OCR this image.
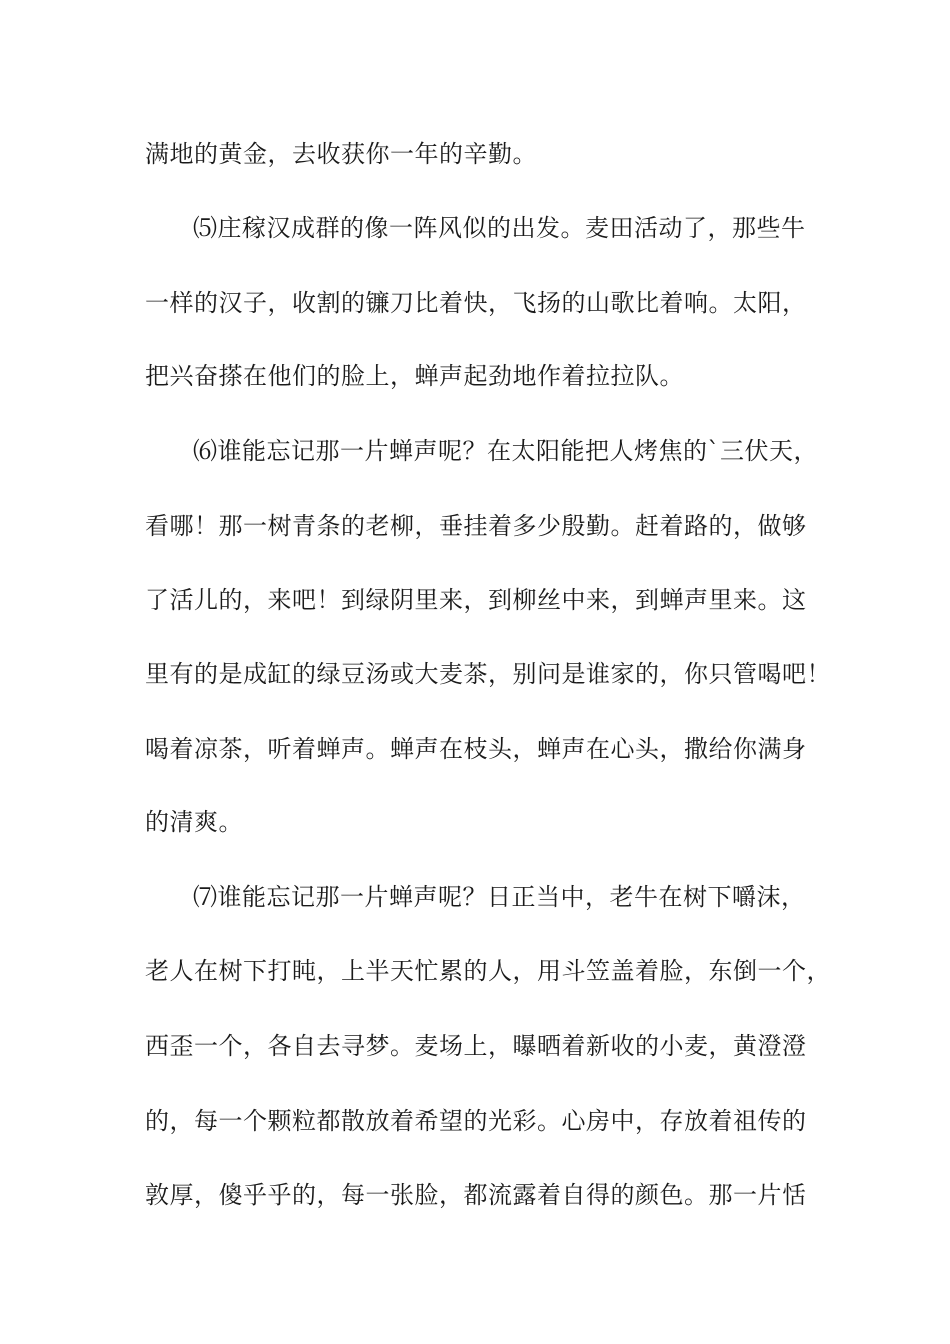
满地的黄金，去收获你一年的辛勤。
⑸庄稼汉成群的像一阵风似的出发。麦田活动了，那些牛
一样的汉子，收割的镰刀比着快，飞扬的山歌比着响。太阳，
把兴奋搽在他们的脸上，蝉声起劲地作着拉拉队。
⑹谁能忘记那一片蝉声呢？在太阳能把人烤焦的`三伏天，
看哪！那一树青条的老柳，垂挂着多少殷勤。赶着路的，做够
了活儿的，来吧！到绿阴里来，到柳丝中来，到蝉声里来。这
里有的是成缸的绿豆汤或大麦茶，别问是谁家的，你只管喝吧！
喝着凉茶，听着蝉声。蝉声在枝头，蝉声在心头，撒给你满身
的清爽。
⑺谁能忘记那一片蝉声呢？日正当中，老牛在树下嚼沫，
老人在树下打盹，上半天忙累的人，用斗笠盖着脸，东倒一个，
西歪一个，各自去寻梦。麦场上，曝晒着新收的小麦，黄澄澄
的，每一个颗粒都散放着希望的光彩。心房中，存放着祖传的
敦厚，傻乎乎的，每一张脸，都流露着自得的颜色。那一片恬
